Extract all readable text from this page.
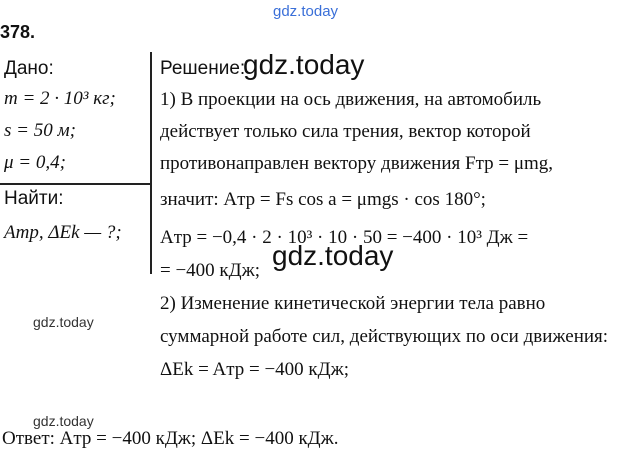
gdz.today
gdz.today
gdz.today
gdz.today
gdz.today
378.
Дано:
m = 2 · 10³ кг;
s = 50 м;
μ = 0,4;
Найти:
Aтр, ΔEk — ?;
Решение:
1) В проекции на ось движения, на автомобиль
действует только сила трения, вектор которой
противонаправлен вектору движения Fтр = μmg,
значит: Aтр = Fs cos a = μmgs · cos 180°;
Aтр = −0,4 · 2 · 10³ · 10 · 50 = −400 · 10³ Дж =
= −400 кДж;
2) Изменение кинетической энергии тела равно
суммарной работе сил, действующих по оси движения:
ΔEk = Aтр = −400 кДж;
Ответ: Aтр = −400 кДж; ΔEk = −400 кДж.
